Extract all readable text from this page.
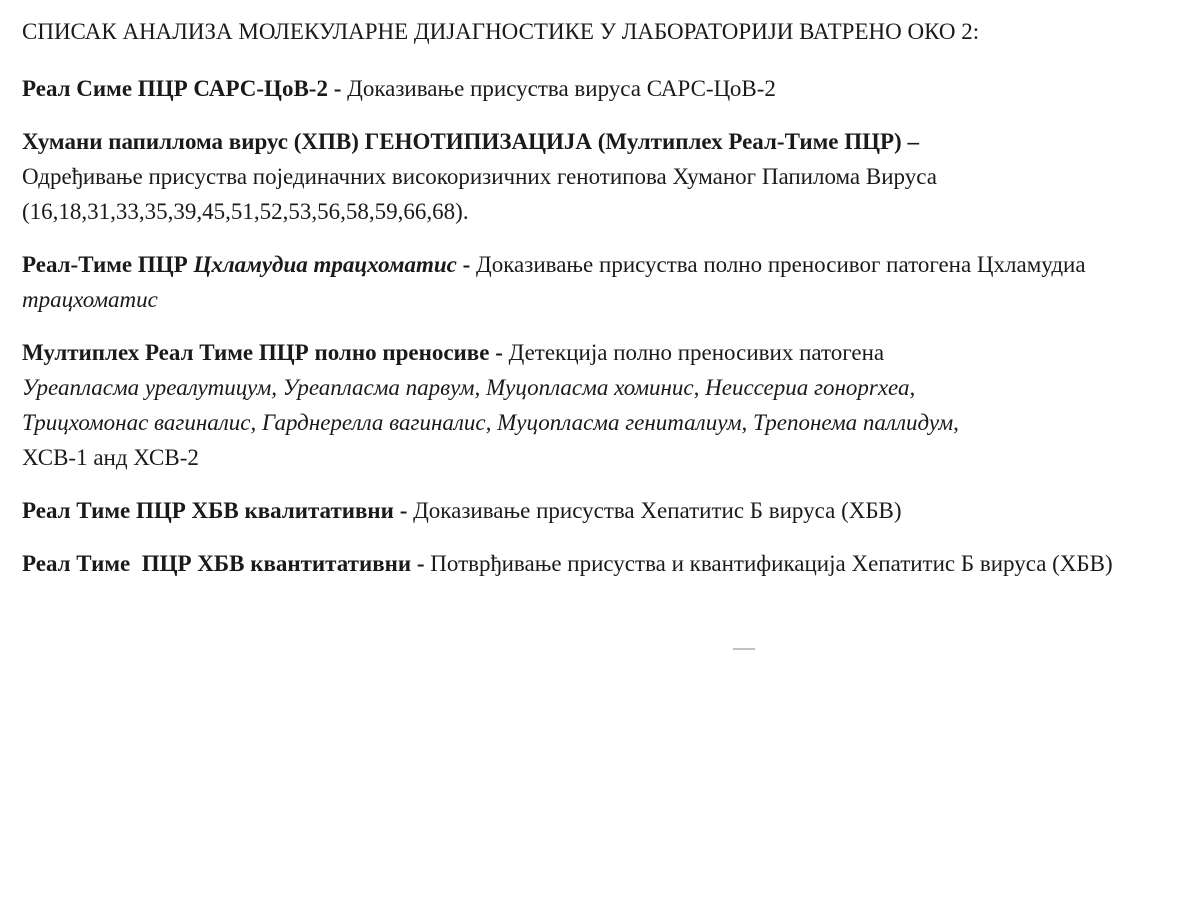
СПИСАК АНАЛИЗА МОЛЕКУЛАРНЕ ДИЈАГНОСТИКЕ У ЛАБОРАТОРИЈИ ВАТРЕНО ОКО 2:

Реал Симе ПЦР САРС-ЦоВ-2 - Доказивање присуства вируса САРС-ЦоВ-2

Хумани папиллома вирус (ХПВ) ГЕНОТИПИЗАЦИЈА (Мултиплех Реал-Тиме ПЦР) –

Одређивање присуства појединачних високоризичних генотипова Хуманог Папилома Вируса

(16,18,31,33,35,39,45,51,52,53,56,58,59,66,68).

Реал-Тиме ПЦР Цхламудиа трацхоматис - Доказивање присуства полно преносивог патогена Цхламудиа трацхоматис

Мултиплех Реал Тиме ПЦР полно преносиве - Детекција полно преносивих патогена

Уреапласма уреалутицум, Уреапласма парвум, Муцопласма хоминис, Неиссериа гонорrхеа,

Трицхомонас вагиналис, Гарднерелла вагиналис, Муцопласма гениталиум, Трепонема паллидум,

ХСВ-1 анд ХСВ-2

Реал Тиме ПЦР ХБВ квалитативни - Доказивање присуства Хепатитис Б вируса (ХБВ)

Реал Тиме  ПЦР ХБВ квантитативни - Потврђивање присуства и квантификација Хепатитис Б вируса (ХБВ)
